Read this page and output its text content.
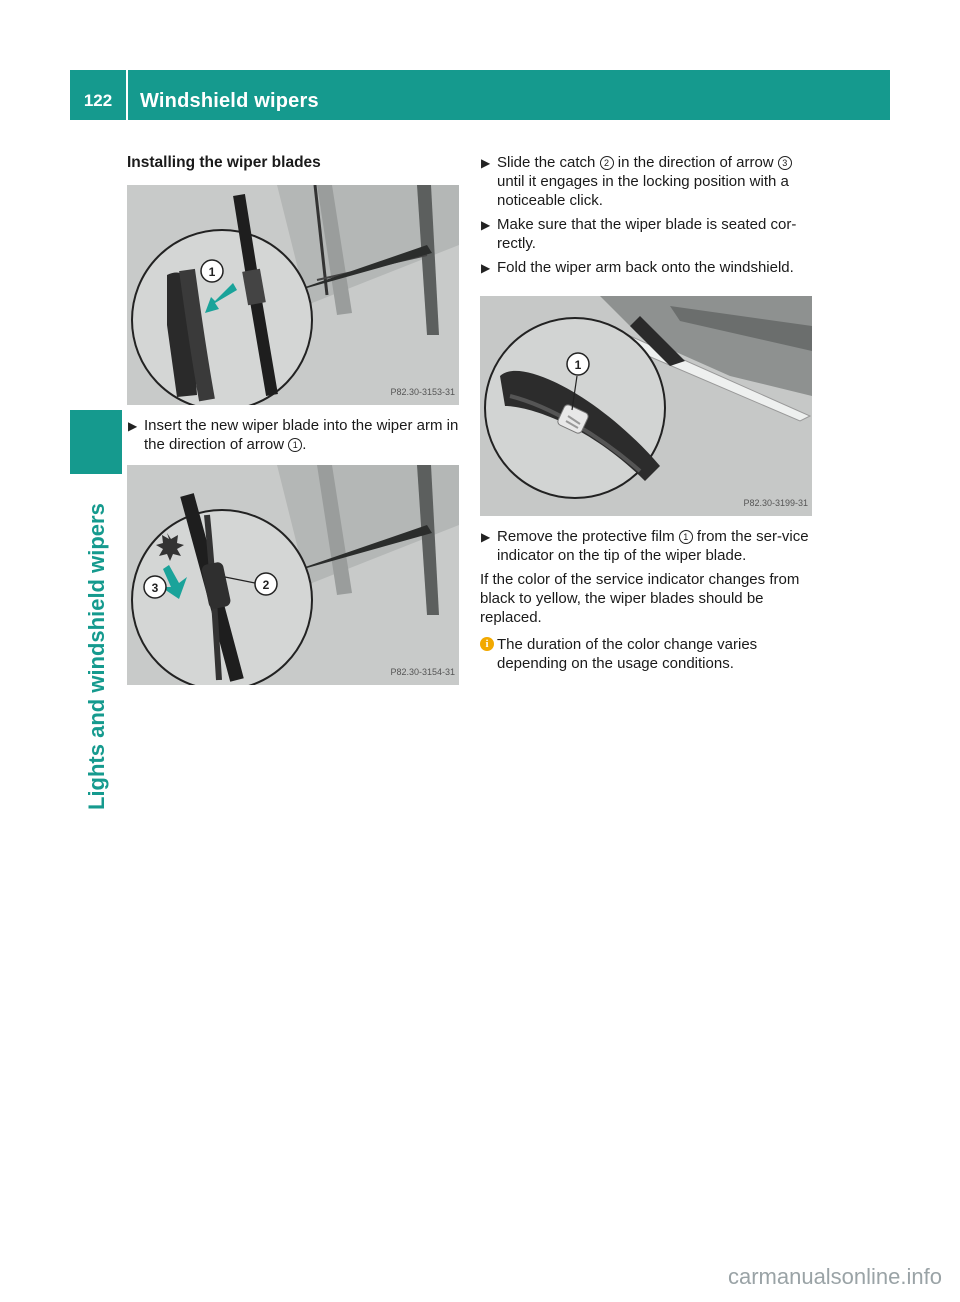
122	Windshield wipers
Lights and windshield wipers
Installing the wiper blades
1
P82.30-3153-31
▶ Insert the new wiper blade into the wiper arm in the direction of arrow 1 .
3	2
P82.30-3154-31
▶ Slide the catch 2 in the direction of arrow 3 until it engages in the locking position with a noticeable click.
▶ Make sure that the wiper blade is seated cor-rectly.
▶ Fold the wiper arm back onto the windshield.
1
P82.30-3199-31
▶ Remove the protective film 1 from the ser-vice indicator on the tip of the wiper blade.

If the color of the service indicator changes from black to yellow, the wiper blades should be replaced.

i The duration of the color change varies depending on the usage conditions.
carmanualsonline.info
